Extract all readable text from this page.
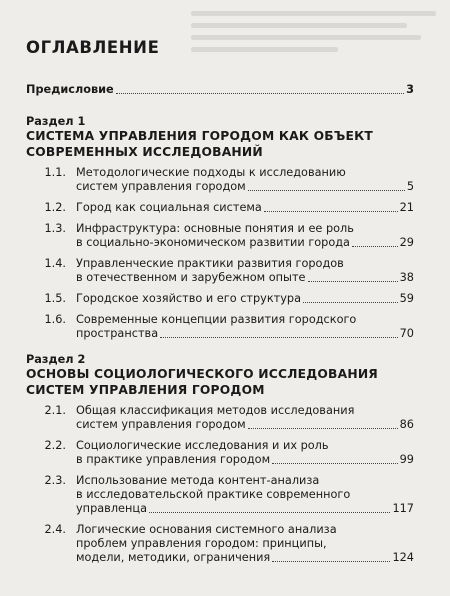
ОГЛАВЛЕНИЕ
Предисловие	3
Раздел 1
СИСТЕМА УПРАВЛЕНИЯ ГОРОДОМ КАК ОБЪЕКТ
СОВРЕМЕННЫХ ИССЛЕДОВАНИЙ
1.1. Методологические подходы к исследованию
систем управления городом	5
1.2. Город как социальная система	21
1.3. Инфраструктура: основные понятия и ее роль
в социально-экономическом развитии города	29
1.4. Управленческие практики развития городов
в отечественном и зарубежном опыте	38
1.5. Городское хозяйство и его структура	59
1.6. Современные концепции развития городского
пространства	70
Раздел 2
ОСНОВЫ СОЦИОЛОГИЧЕСКОГО ИССЛЕДОВАНИЯ
СИСТЕМ УПРАВЛЕНИЯ ГОРОДОМ
2.1. Общая классификация методов исследования
систем управления городом	86
2.2. Социологические исследования и их роль
в практике управления городом	99
2.3. Использование метода контент-анализа
в исследовательской практике современного
управленца	117
2.4. Логические основания системного анализа
проблем управления городом: принципы,
модели, методики, ограничения	124
